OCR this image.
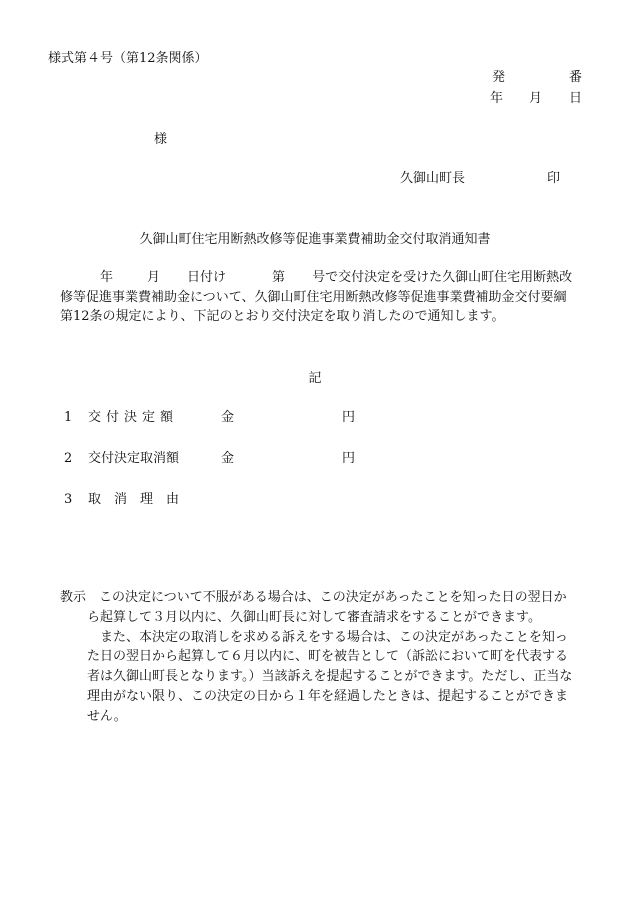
様式第４号（第12条関係）
発	番
年 月 日
様
久御山町長	印
久御山町住宅用断熱改修等促進事業費補助金交付取消通知書
年	月 日付け	第 号で交付決定を受けた久御山町住宅用断熱改
修等促進事業費補助金について、久御山町住宅用断熱改修等促進事業費補助金交付要綱
第12条の規定により、下記のとおり交付決定を取り消したので通知します。
記
1 交付決定額	金	円
2 交付決定取消額	金	円
3 取消理由
教示　この決定について不服がある場合は、この決定があったことを知った日の翌日か
ら起算して３月以内に、久御山町長に対して審査請求をすることができます。
また、本決定の取消しを求める訴えをする場合は、この決定があったことを知っ
た日の翌日から起算して６月以内に、町を被告として（訴訟において町を代表する
者は久御山町長となります。）当該訴えを提起することができます。ただし、正当な
理由がない限り、この決定の日から１年を経過したときは、提起することができま
せん。
